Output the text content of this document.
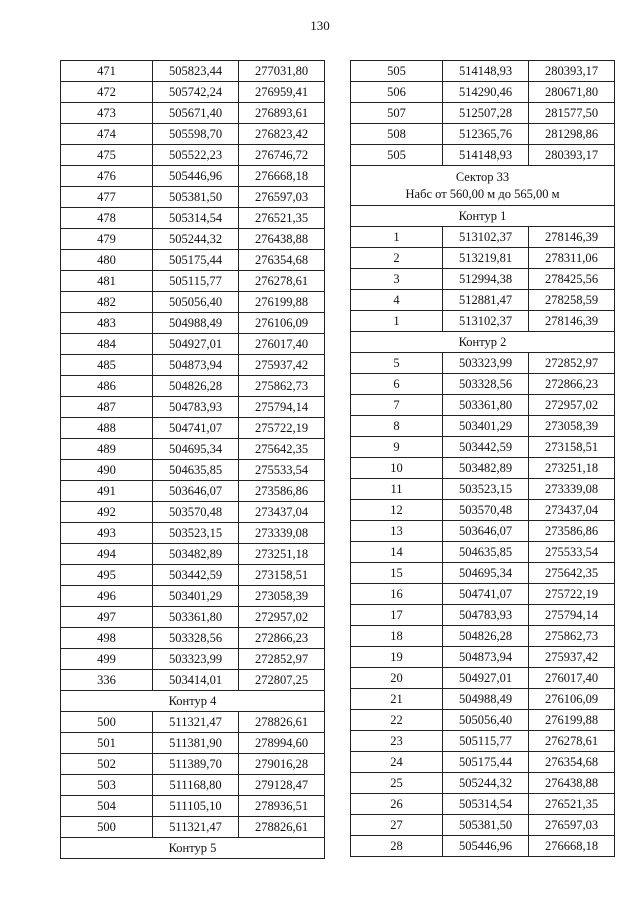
130
471	505823,44	277031,80
472	505742,24	276959,41
473	505671,40	276893,61
474	505598,70	276823,42
475	505522,23	276746,72
476	505446,96	276668,18
477	505381,50	276597,03
478	505314,54	276521,35
479	505244,32	276438,88
480	505175,44	276354,68
481	505115,77	276278,61
482	505056,40	276199,88
483	504988,49	276106,09
484	504927,01	276017,40
485	504873,94	275937,42
486	504826,28	275862,73
487	504783,93	275794,14
488	504741,07	275722,19
489	504695,34	275642,35
490	504635,85	275533,54
491	503646,07	273586,86
492	503570,48	273437,04
493	503523,15	273339,08
494	503482,89	273251,18
495	503442,59	273158,51
496	503401,29	273058,39
497	503361,80	272957,02
498	503328,56	272866,23
499	503323,99	272852,97
336	503414,01	272807,25
Контур 4		
500	511321,47	278826,61
501	511381,90	278994,60
502	511389,70	279016,28
503	511168,80	279128,47
504	511105,10	278936,51
500	511321,47	278826,61
Контур 5		
505	514148,93	280393,17
506	514290,46	280671,80
507	512507,28	281577,50
508	512365,76	281298,86
505	514148,93	280393,17

Сектор 33
Набс от 560,00 м до 565,00 м		

Контур 1		
1	513102,37	278146,39
2	513219,81	278311,06
3	512994,38	278425,56
4	512881,47	278258,59
1	513102,37	278146,39
Контур 2		
5	503323,99	272852,97
6	503328,56	272866,23
7	503361,80	272957,02
8	503401,29	273058,39
9	503442,59	273158,51
10	503482,89	273251,18
11	503523,15	273339,08
12	503570,48	273437,04
13	503646,07	273586,86
14	504635,85	275533,54
15	504695,34	275642,35
16	504741,07	275722,19
17	504783,93	275794,14
18	504826,28	275862,73
19	504873,94	275937,42
20	504927,01	276017,40
21	504988,49	276106,09
22	505056,40	276199,88
23	505115,77	276278,61
24	505175,44	276354,68
25	505244,32	276438,88
26	505314,54	276521,35
27	505381,50	276597,03
28	505446,96	276668,18
